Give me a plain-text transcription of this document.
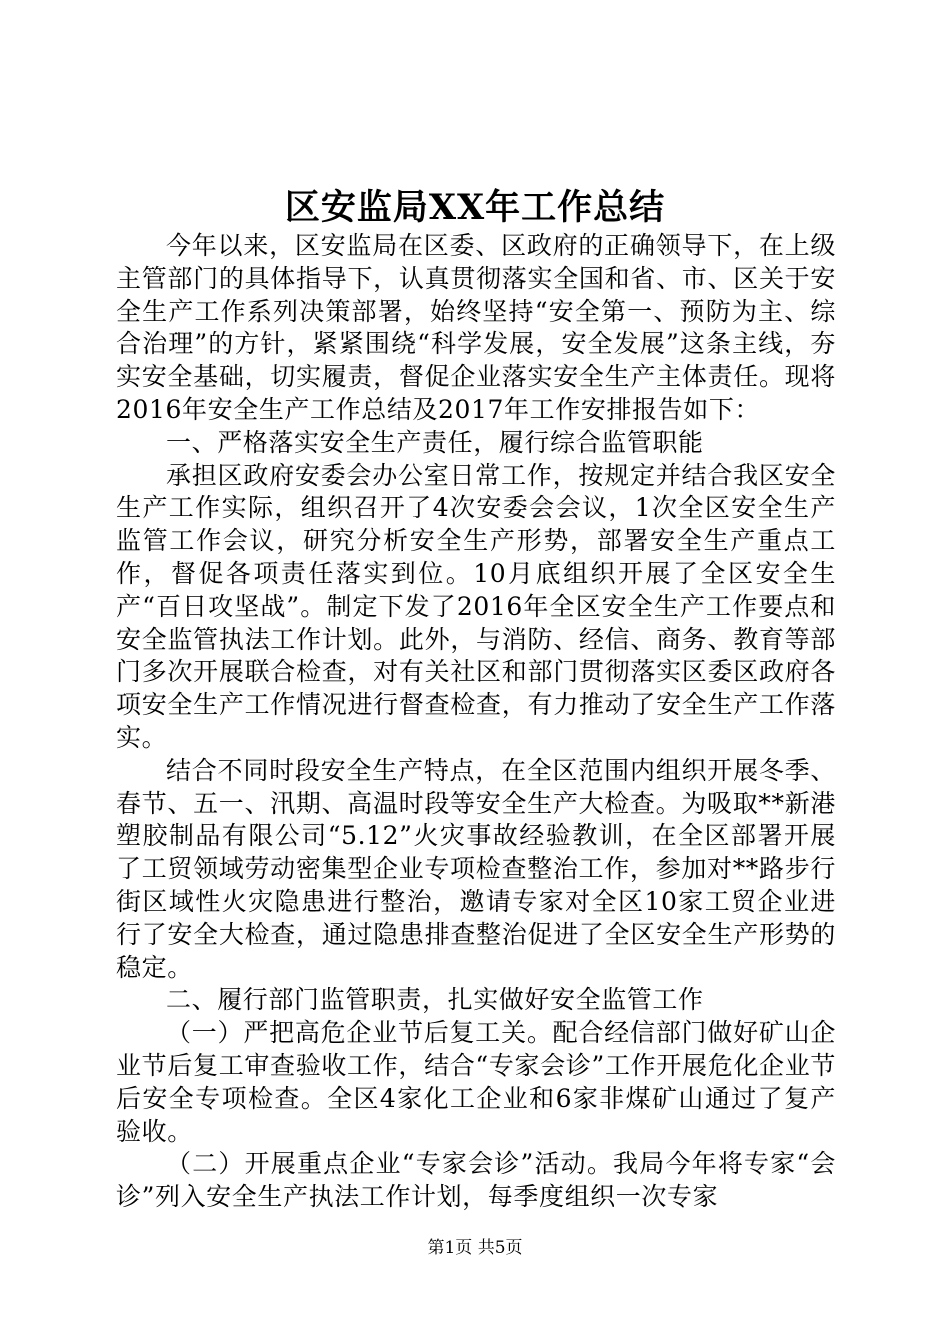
区安监局XX年工作总结

今年以来，区安监局在区委、区政府的正确领导下，在上级主管部门的具体指导下，认真贯彻落实全国和省、市、区关于安全生产工作系列决策部署，始终坚持“安全第一、预防为主、综合治理”的方针，紧紧围绕“科学发展，安全发展”这条主线，夯实安全基础，切实履责，督促企业落实安全生产主体责任。现将2016年安全生产工作总结及2017年工作安排报告如下：

一、严格落实安全生产责任，履行综合监管职能

承担区政府安委会办公室日常工作，按规定并结合我区安全生产工作实际，组织召开了4次安委会会议，1次全区安全生产监管工作会议，研究分析安全生产形势，部署安全生产重点工作，督促各项责任落实到位。10月底组织开展了全区安全生产“百日攻坚战”。制定下发了2016年全区安全生产工作要点和安全监管执法工作计划。此外，与消防、经信、商务、教育等部门多次开展联合检查，对有关社区和部门贯彻落实区委区政府各项安全生产工作情况进行督查检查，有力推动了安全生产工作落实。

结合不同时段安全生产特点，在全区范围内组织开展冬季、春节、五一、汛期、高温时段等安全生产大检查。为吸取**新港塑胶制品有限公司“5.12”火灾事故经验教训，在全区部署开展了工贸领域劳动密集型企业专项检查整治工作，参加对**路步行街区域性火灾隐患进行整治，邀请专家对全区10家工贸企业进行了安全大检查，通过隐患排查整治促进了全区安全生产形势的稳定。

二、履行部门监管职责，扎实做好安全监管工作

（一）严把高危企业节后复工关。配合经信部门做好矿山企业节后复工审查验收工作，结合“专家会诊”工作开展危化企业节后安全专项检查。全区4家化工企业和6家非煤矿山通过了复产验收。

（二）开展重点企业“专家会诊”活动。我局今年将专家“会诊”列入安全生产执法工作计划，每季度组织一次专家

第1页 共5页
